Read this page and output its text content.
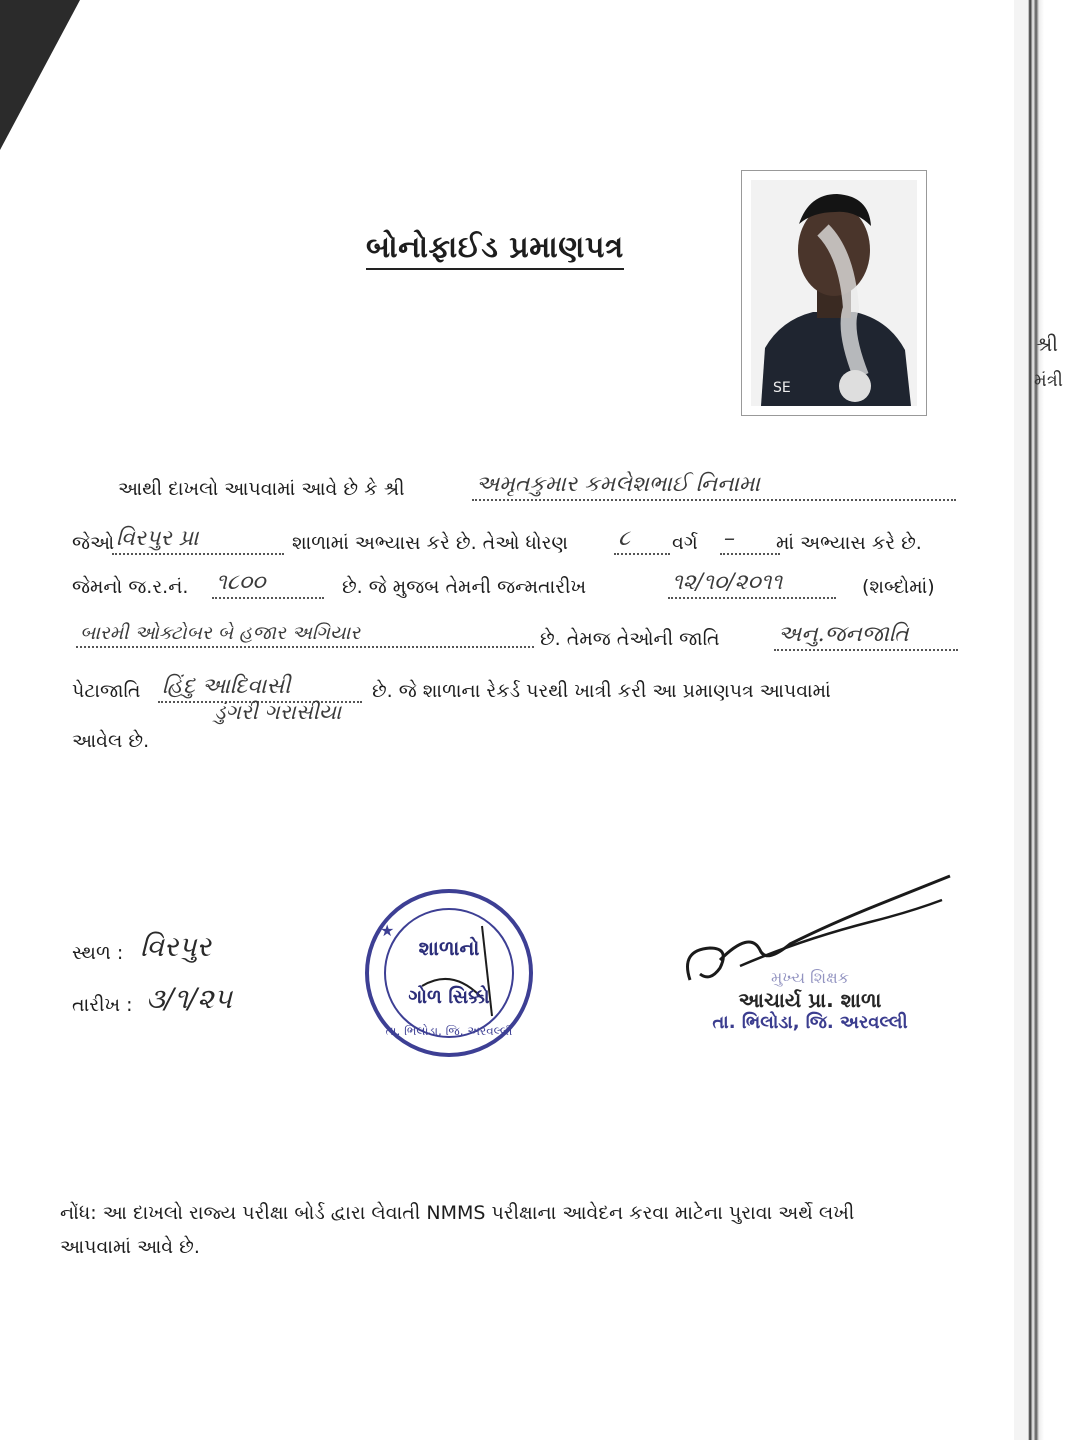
શ્રી
મંત્રી
બોનોફાઈડ પ્રમાણપત્ર
SE
આથી દાખલો આપવામાં આવે છે કે શ્રી	અમૃતકુમાર કમલેશભાઈ નિનામા
જેઓ વિરપુર પ્રા	શાળામાં અભ્યાસ કરે છે. તેઓ ધોરણ ૮	વર્ગ –	માં અભ્યાસ કરે છે.
જેમનો જ.ર.નં. ૧૮૦૦	છે. જે મુજબ તેમની જન્મતારીખ	૧૨/૧૦/૨૦૧૧	(શબ્દોમાં)
બારમી ઓક્ટોબર બે હજાર અગિયાર	છે. તેમજ તેઓની જાતિ	અનુ.જનજાતિ
પેટાજાતિ હિંદુ આદિવાસી	છે. જે શાળાના રેકર્ડ પરથી ખાત્રી કરી આ પ્રમાણપત્ર આપવામાં
આવેલ છે.
ડુંગરી ગરાસીયા
સ્થળ : વિરપુર
તારીખ : ૩/૧/૨૫
★
શાળાનો
ગોળ સિક્કો
તા. ભિલોડા, જિ. અરવલ્લી
મુખ્ય શિક્ષક
આચાર્ય પ્રા. શાળા
તા. ભિલોડા, જિ. અરવલ્લી
નોંધ: આ દાખલો રાજ્ય પરીક્ષા બોર્ડ દ્વારા લેવાતી NMMS પરીક્ષાના આવેદન કરવા માટેના પુરાવા અર્થે લખી આપવામાં આવે છે.
